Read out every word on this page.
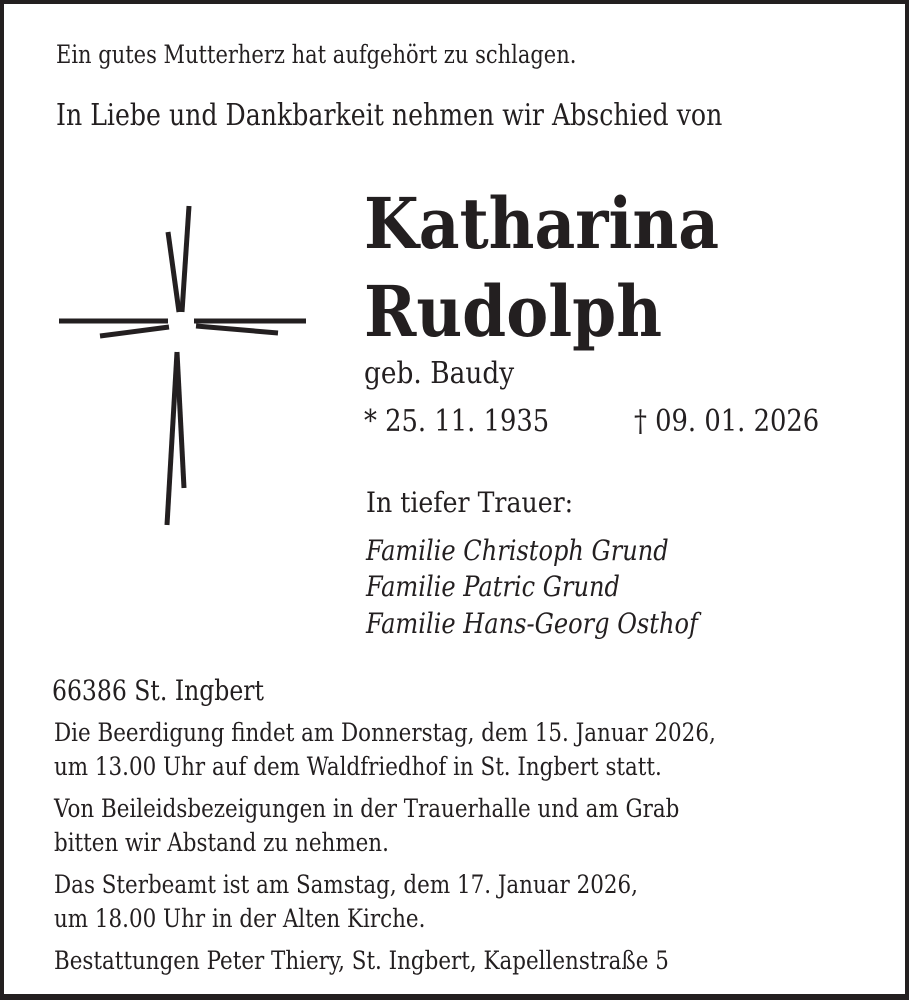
Ein gutes Mutterherz hat aufgehört zu schlagen.
In Liebe und Dankbarkeit nehmen wir Abschied von
Katharina
Rudolph
geb. Baudy
* 25. 11. 1935	† 09. 01. 2026
In tiefer Trauer:
Familie Christoph Grund
Familie Patric Grund
Familie Hans-Georg Osthof
66386 St. Ingbert
Die Beerdigung findet am Donnerstag, dem 15. Januar 2026,
um 13.00 Uhr auf dem Waldfriedhof in St. Ingbert statt.
Von Beileidsbezeigungen in der Trauerhalle und am Grab
bitten wir Abstand zu nehmen.
Das Sterbeamt ist am Samstag, dem 17. Januar 2026,
um 18.00 Uhr in der Alten Kirche.
Bestattungen Peter Thiery, St. Ingbert, Kapellenstraße 5
